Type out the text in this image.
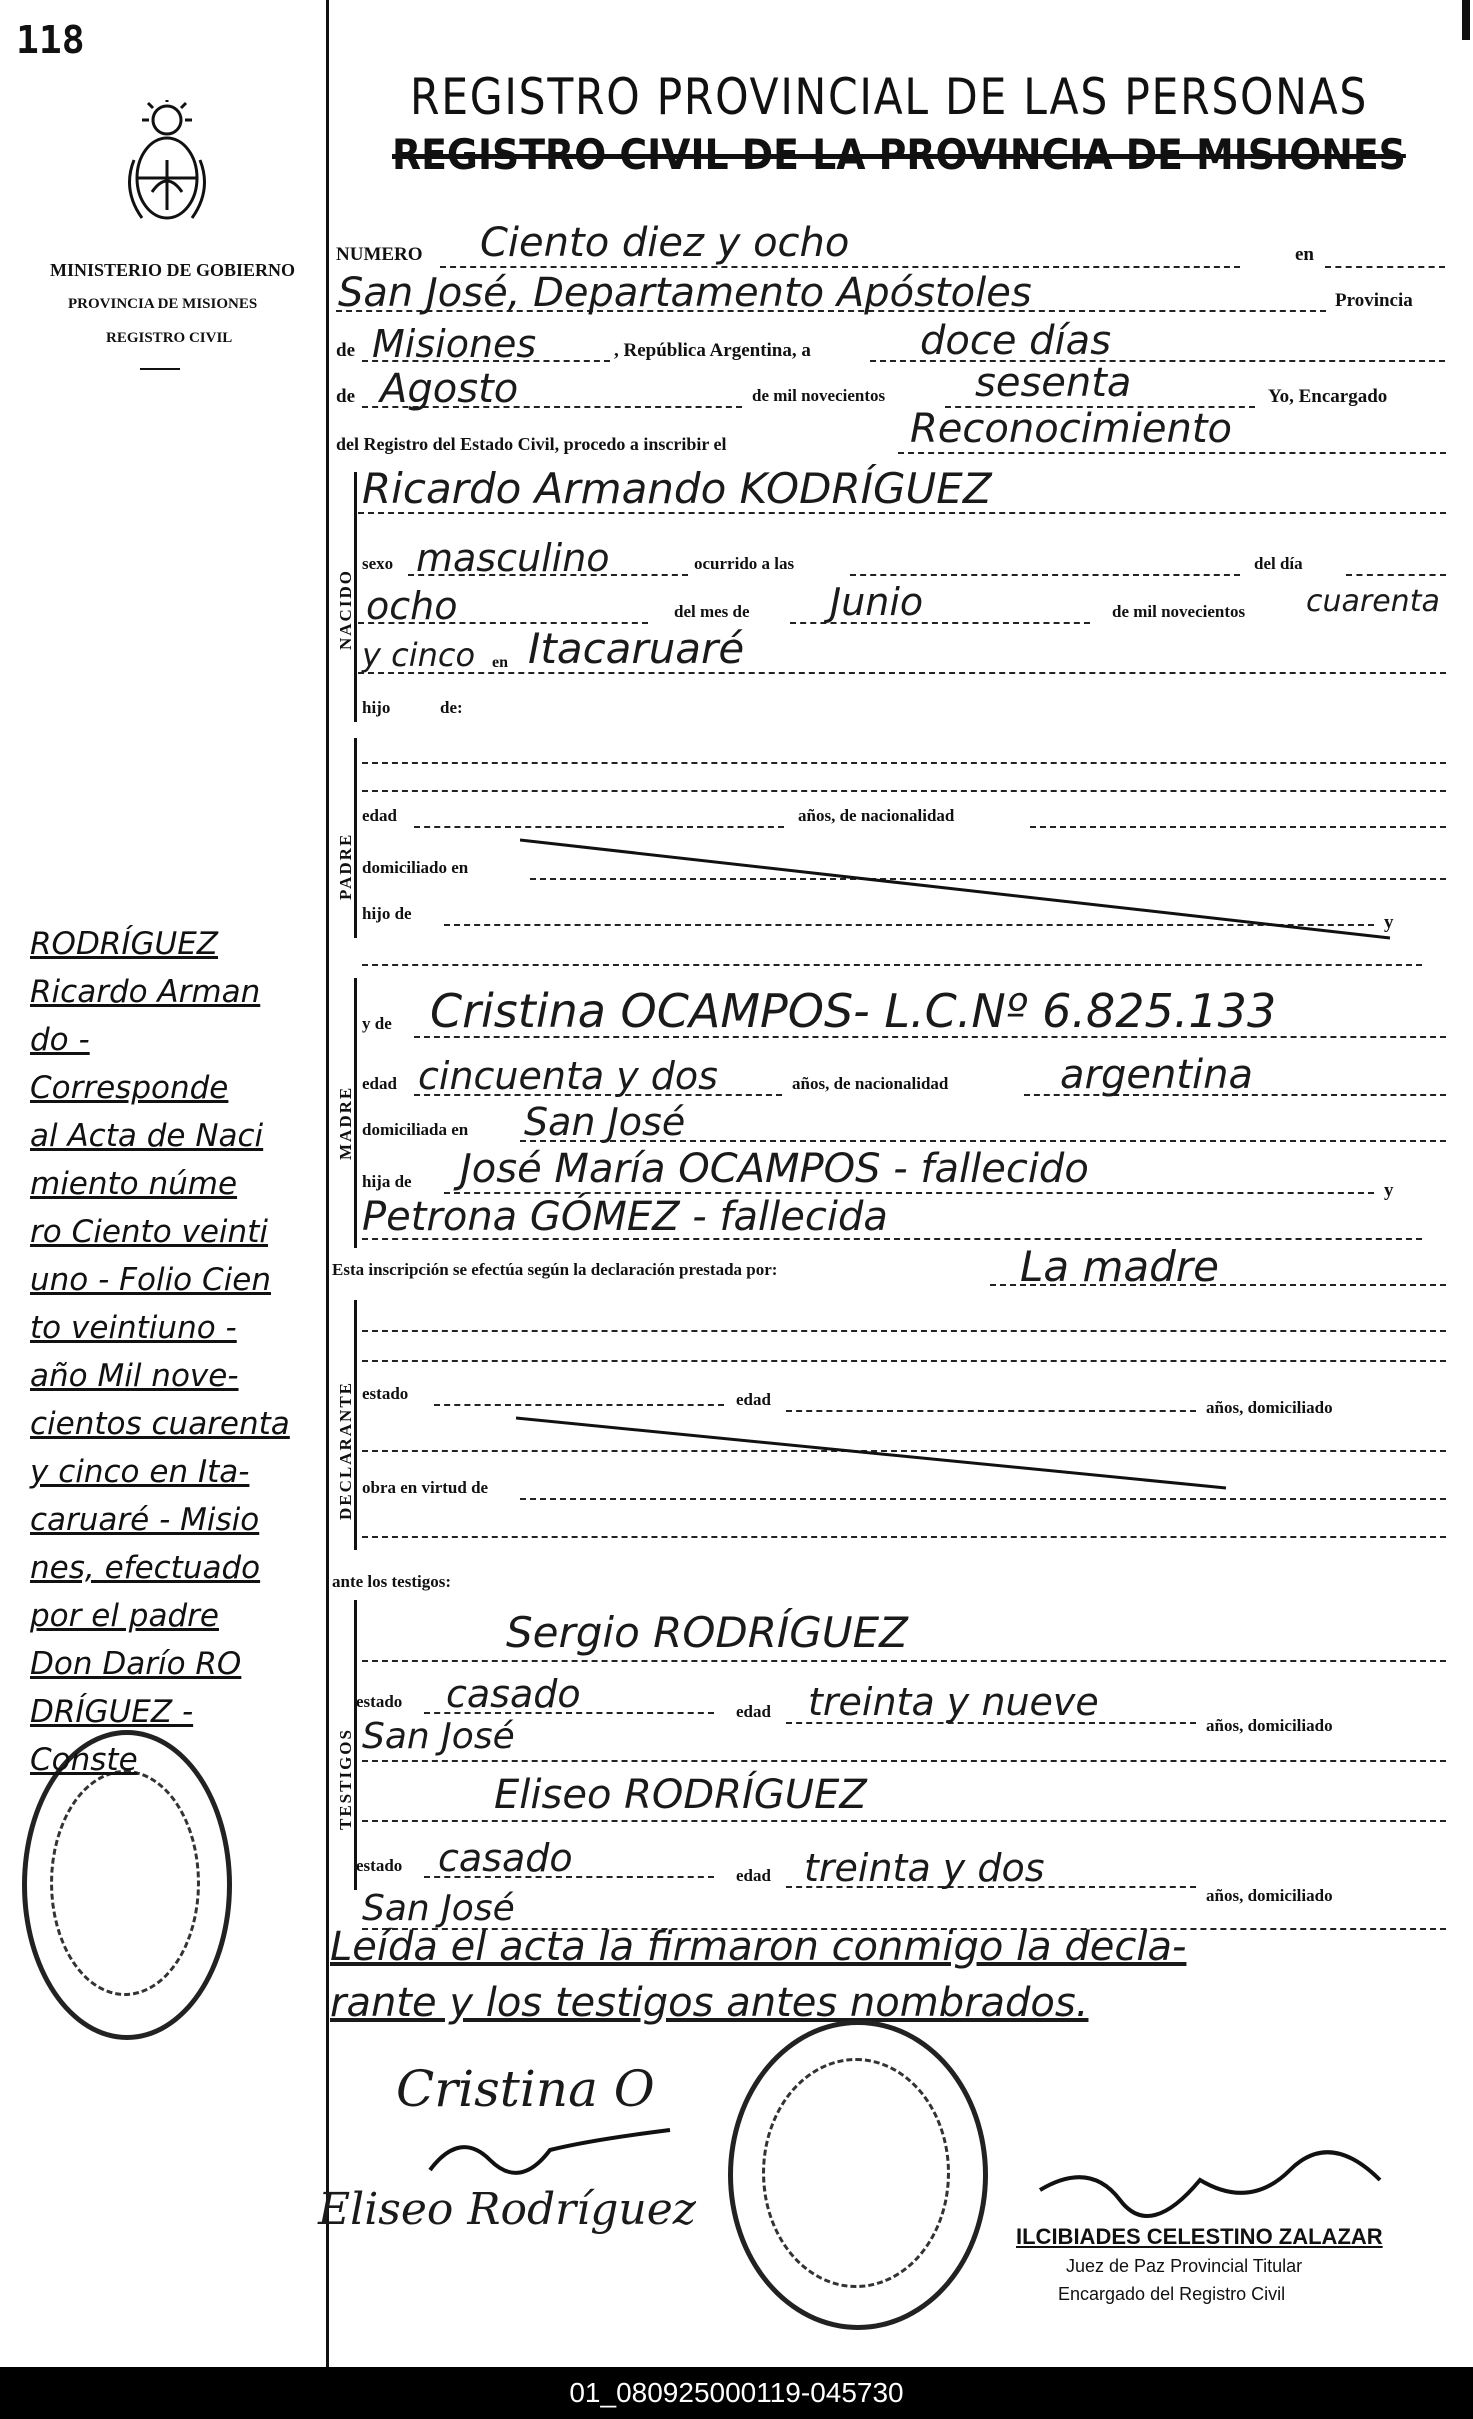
118
MINISTERIO DE GOBIERNO
PROVINCIA DE MISIONES
REGISTRO CIVIL
REGISTRO PROVINCIAL DE LAS PERSONAS
REGISTRO CIVIL DE LA PROVINCIA DE MISIONES
NUMERO Ciento diez y ocho	en
San José, Departamento Apóstoles	Provincia
de Misiones	, República Argentina, a	doce días
de Agosto	de mil novecientos sesenta	Yo, Encargado
del Registro del Estado Civil, procedo a inscribir el	Reconocimiento
NACIDO
Ricardo Armando KODRÍGUEZ
sexo masculino	ocurrido a las	del día
ocho	del mes de Junio	de mil novecientos cuarenta
y cinco en Itacaruaré
hijo	de:
PADRE
edad	años, de nacionalidad
domiciliado en
hijo de	y
MADRE
y de Cristina OCAMPOS- L.C.Nº 6.825.133
edad cincuenta y dos	años, de nacionalidad	argentina
domiciliada en San José
hija de José María OCAMPOS - fallecido	y
Petrona GÓMEZ - fallecida
Esta inscripción se efectúa según la declaración prestada por:	La madre
DECLARANTE estado	edad	años, domiciliado
obra en virtud de
ante los testigos:
TESTIGOS
Sergio RODRÍGUEZ
estado casado	edad treinta y nueve
años, domiciliado
San José
Eliseo RODRÍGUEZ
estado casado	edad treinta y dos
años, domiciliado
San José
Leída el acta la firmaron conmigo la decla-
rante y los testigos antes nombrados.
Cristina O
Eliseo Rodríguez
ILCIBIADES CELESTINO ZALAZAR
Juez de Paz Provincial Titular
Encargado del Registro Civil
RODRÍGUEZ
Ricardo Arman
do -
Corresponde
al Acta de Naci
miento núme
ro Ciento veinti
uno - Folio Cien
to veintiuno -
año Mil nove-
cientos cuarenta
y cinco en Ita-
caruaré - Misio
nes, efectuado
por el padre
Don Darío RO
DRÍGUEZ -
Conste
01_080925000119-045730
